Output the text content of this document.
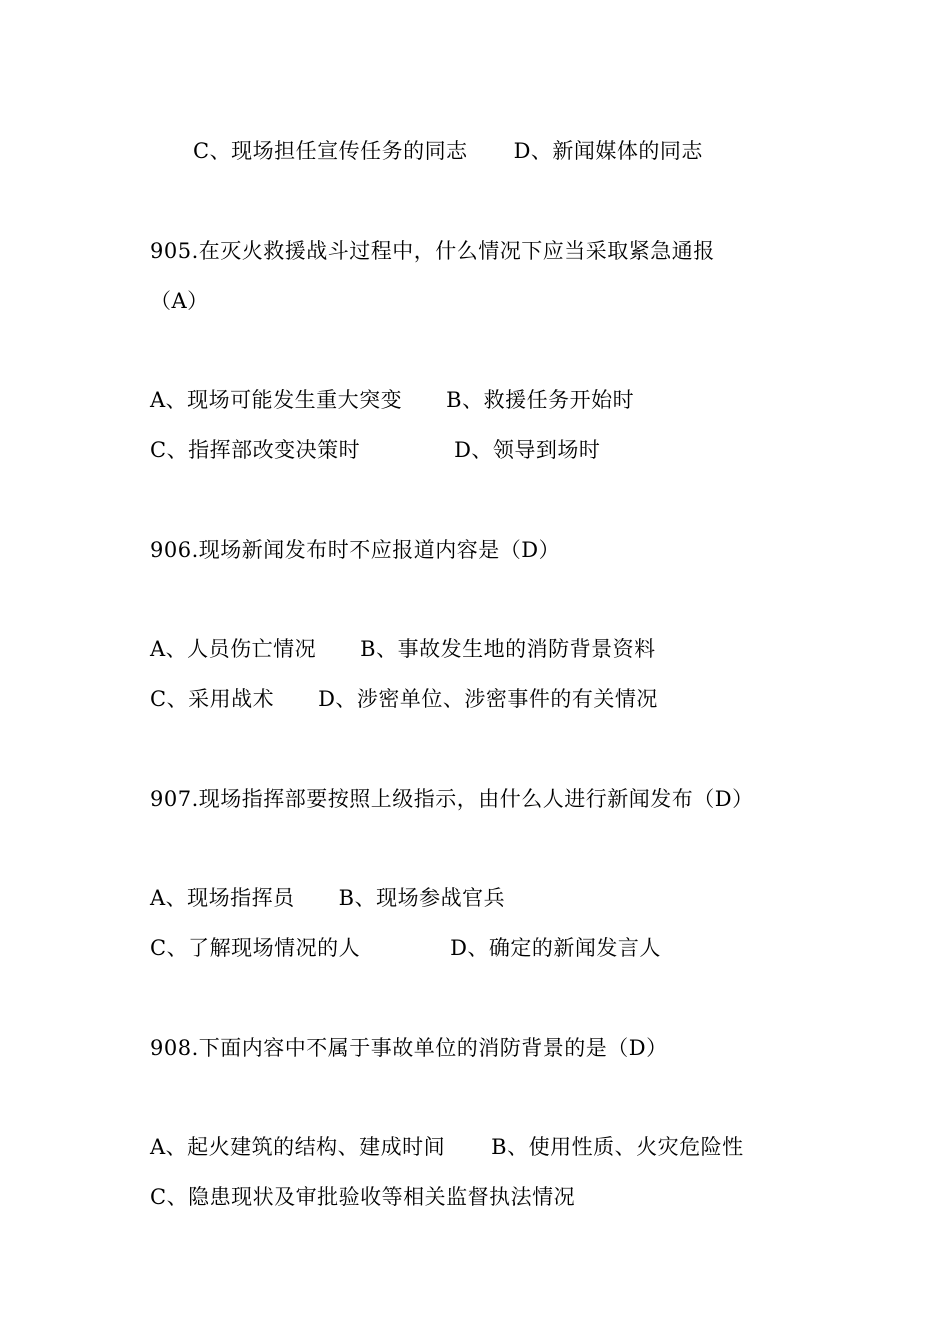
C、现场担任宣传任务的同志 D、新闻媒体的同志
905.在灭火救援战斗过程中，什么情况下应当采取紧急通报
（A）
A、现场可能发生重大突变 B、救援任务开始时
C、指挥部改变决策时	D、领导到场时
906.现场新闻发布时不应报道内容是（D）
A、人员伤亡情况 B、事故发生地的消防背景资料
C、采用战术 D、涉密单位、涉密事件的有关情况
907.现场指挥部要按照上级指示，由什么人进行新闻发布（D）
A、现场指挥员 B、现场参战官兵
C、了解现场情况的人	D、确定的新闻发言人
908.下面内容中不属于事故单位的消防背景的是（D）
A、起火建筑的结构、建成时间 B、使用性质、火灾危险性
C、隐患现状及审批验收等相关监督执法情况
